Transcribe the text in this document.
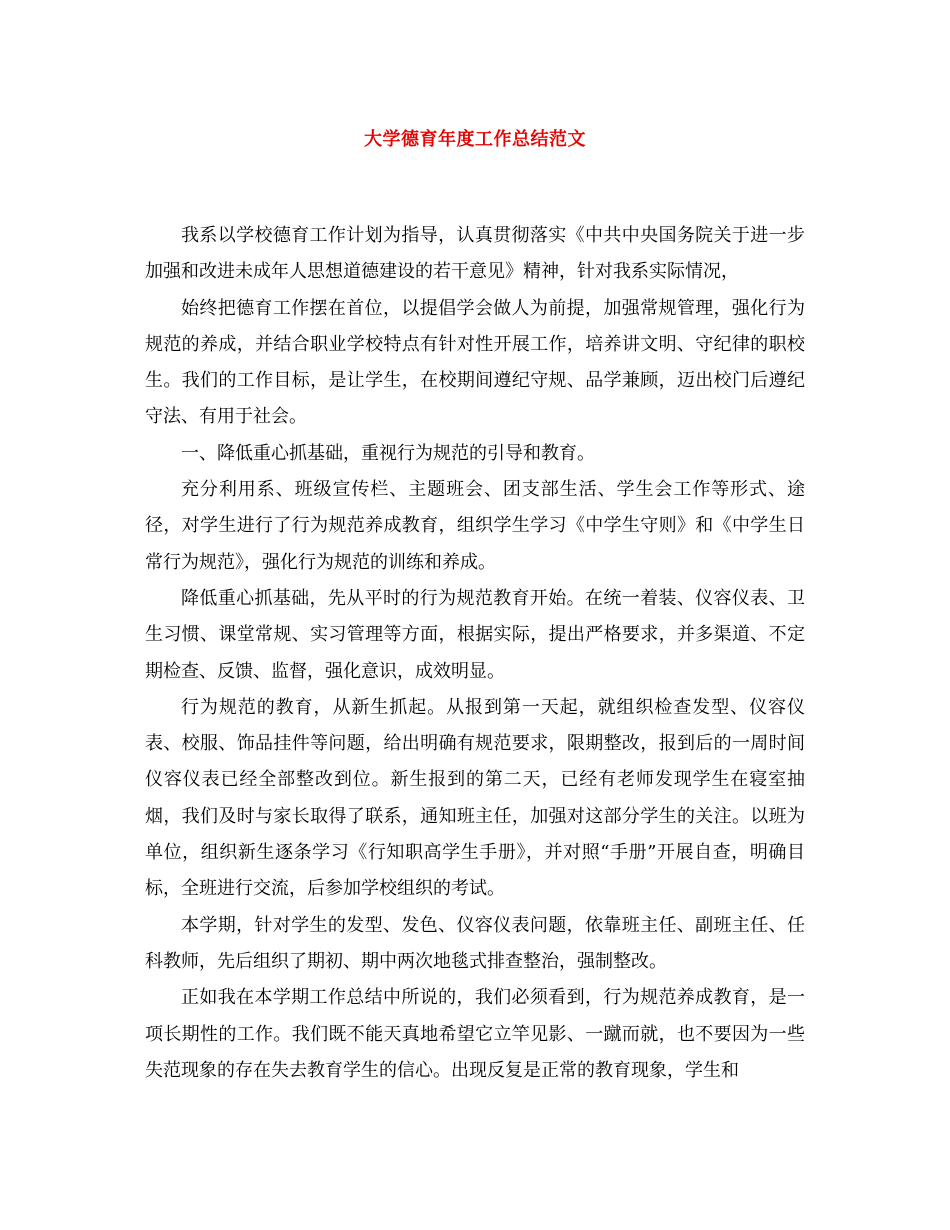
大学德育年度工作总结范文

我系以学校德育工作计划为指导，认真贯彻落实《中共中央国务院关于进一步加强和改进未成年人思想道德建设的若干意见》精神，针对我系实际情况，

始终把德育工作摆在首位，以提倡学会做人为前提，加强常规管理，强化行为规范的养成，并结合职业学校特点有针对性开展工作，培养讲文明、守纪律的职校生。我们的工作目标，是让学生，在校期间遵纪守规、品学兼顾，迈出校门后遵纪守法、有用于社会。

一、降低重心抓基础，重视行为规范的引导和教育。

充分利用系、班级宣传栏、主题班会、团支部生活、学生会工作等形式、途径，对学生进行了行为规范养成教育，组织学生学习《中学生守则》和《中学生日常行为规范》，强化行为规范的训练和养成。

降低重心抓基础，先从平时的行为规范教育开始。在统一着装、仪容仪表、卫生习惯、课堂常规、实习管理等方面，根据实际，提出严格要求，并多渠道、不定期检查、反馈、监督，强化意识，成效明显。

行为规范的教育，从新生抓起。从报到第一天起，就组织检查发型、仪容仪表、校服、饰品挂件等问题，给出明确有规范要求，限期整改，报到后的一周时间仪容仪表已经全部整改到位。新生报到的第二天，已经有老师发现学生在寝室抽烟，我们及时与家长取得了联系，通知班主任，加强对这部分学生的关注。以班为单位，组织新生逐条学习《行知职高学生手册》，并对照“手册”开展自查，明确目标，全班进行交流，后参加学校组织的考试。

本学期，针对学生的发型、发色、仪容仪表问题，依靠班主任、副班主任、任科教师，先后组织了期初、期中两次地毯式排查整治，强制整改。

正如我在本学期工作总结中所说的，我们必须看到，行为规范养成教育，是一项长期性的工作。我们既不能天真地希望它立竿见影、一蹴而就，也不要因为一些失范现象的存在失去教育学生的信心。出现反复是正常的教育现象，学生和
